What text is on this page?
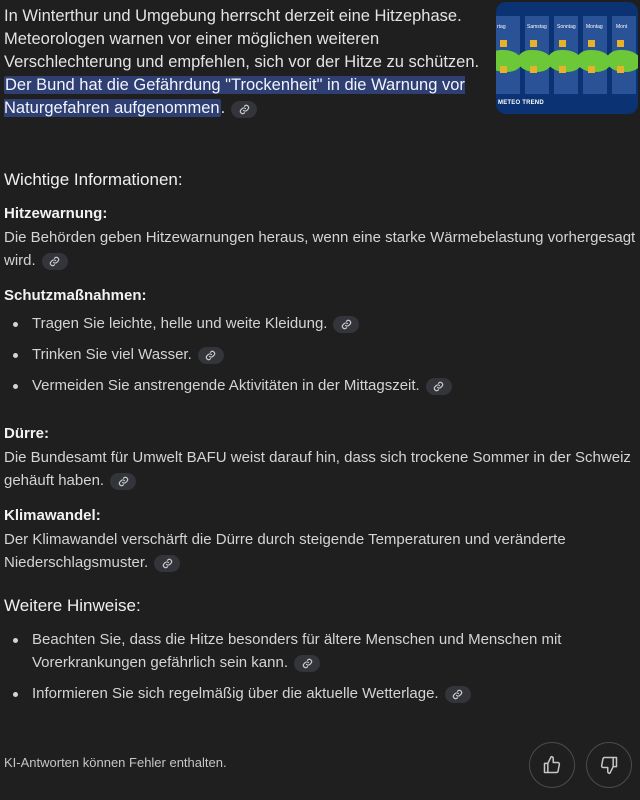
In Winterthur und Umgebung herrscht derzeit eine Hitzephase. Meteorologen warnen vor einer möglichen weiteren Verschlechterung und empfehlen, sich vor der Hitze zu schützen. Der Bund hat die Gefährdung "Trockenheit" in die Warnung vor Naturgefahren aufgenommen.
rtag	Samstag Sonntag Montag	Mont
METEO TREND
Wichtige Informationen:
Hitzewarnung:

Die Behörden geben Hitzewarnungen heraus, wenn eine starke Wärmebelastung vorhergesagt wird.

Schutzmaßnahmen:
Tragen Sie leichte, helle und weite Kleidung.
Trinken Sie viel Wasser.
Vermeiden Sie anstrengende Aktivitäten in der Mittagszeit.
Dürre:

Die Bundesamt für Umwelt BAFU weist darauf hin, dass sich trockene Sommer in der Schweiz gehäuft haben.

Klimawandel:

Der Klimawandel verschärft die Dürre durch steigende Temperaturen und veränderte Niederschlagsmuster.

Weitere Hinweise:
Beachten Sie, dass die Hitze besonders für ältere Menschen und Menschen mit Vorerkrankungen gefährlich sein kann.
Informieren Sie sich regelmäßig über die aktuelle Wetterlage.
KI-Antworten können Fehler enthalten.
